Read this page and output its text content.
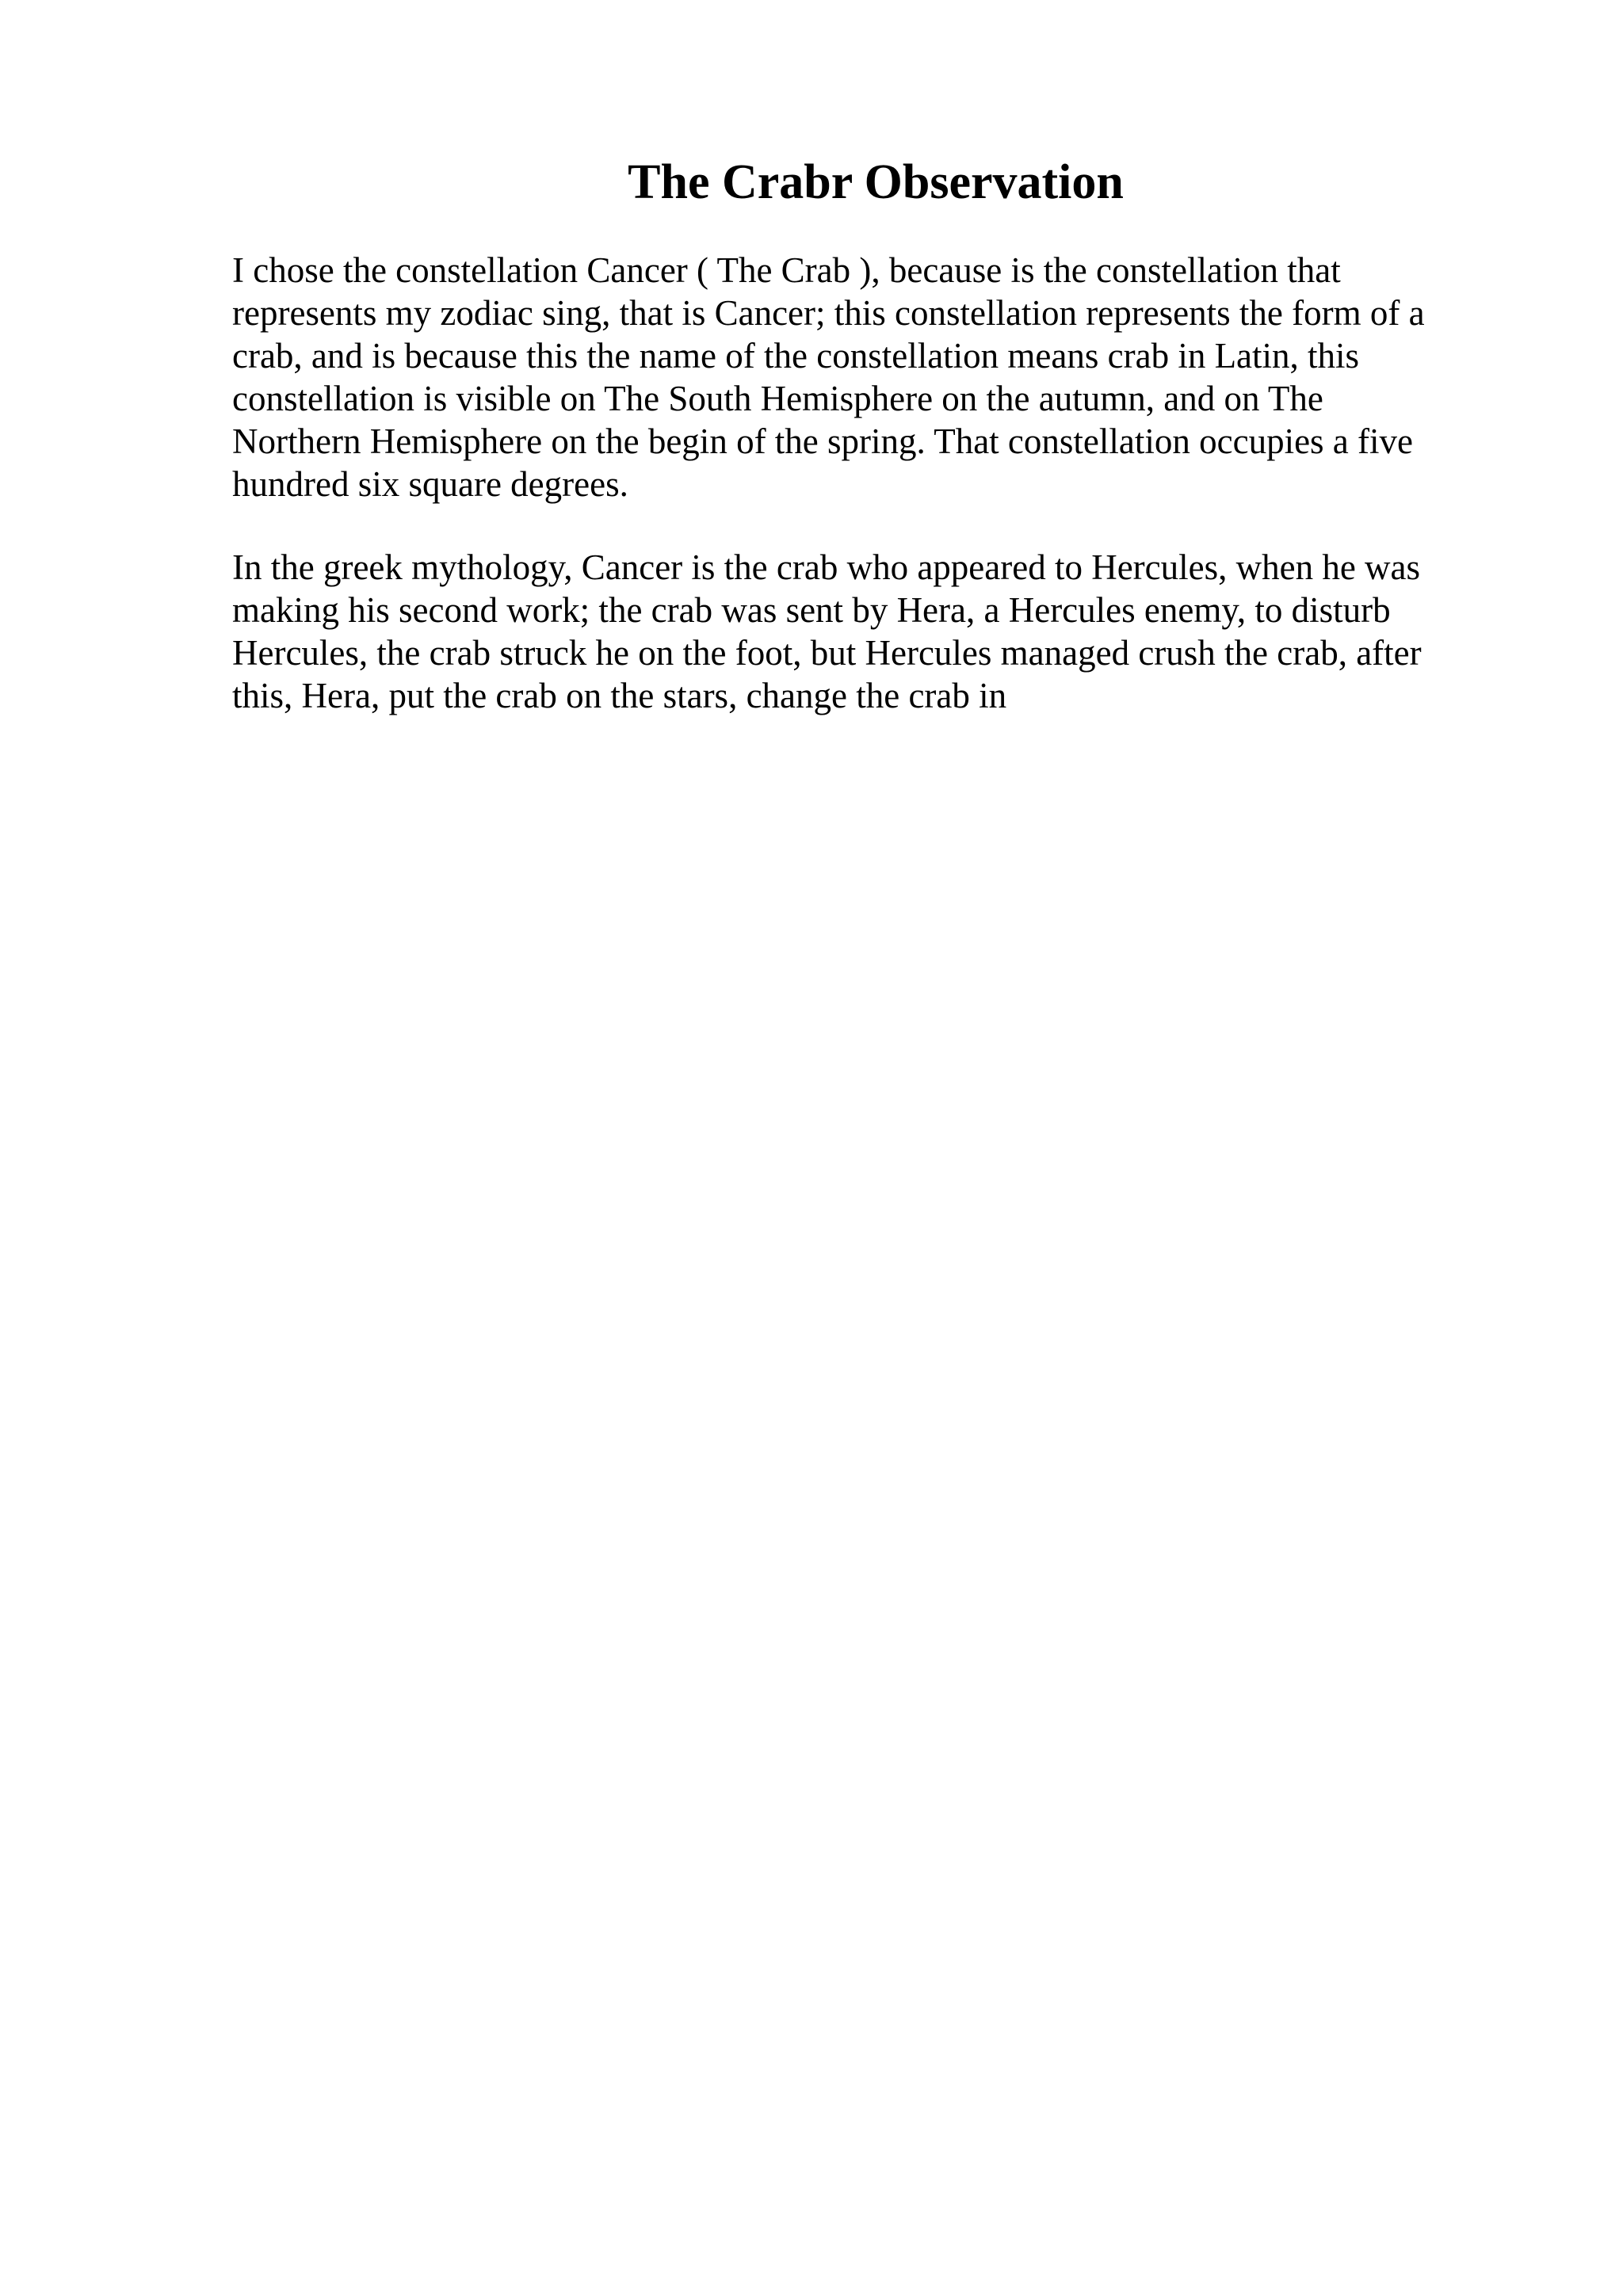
The Crabr Observation

I chose the constellation Cancer ( The Crab ), because is the constellation that
represents my zodiac sing, that is Cancer; this constellation represents the form of a
crab, and is because this the name of the constellation means crab in Latin, this
constellation is visible on The South Hemisphere on the autumn, and on The
Northern Hemisphere on the begin of the spring. That constellation occupies a five
hundred six square degrees.

In the greek mythology, Cancer is the crab who appeared to Hercules, when he was
making his second work; the crab was sent by Hera, a Hercules enemy, to disturb
Hercules, the crab struck he on the foot, but Hercules managed crush the crab, after
this, Hera, put the crab on the stars, change the crab in
